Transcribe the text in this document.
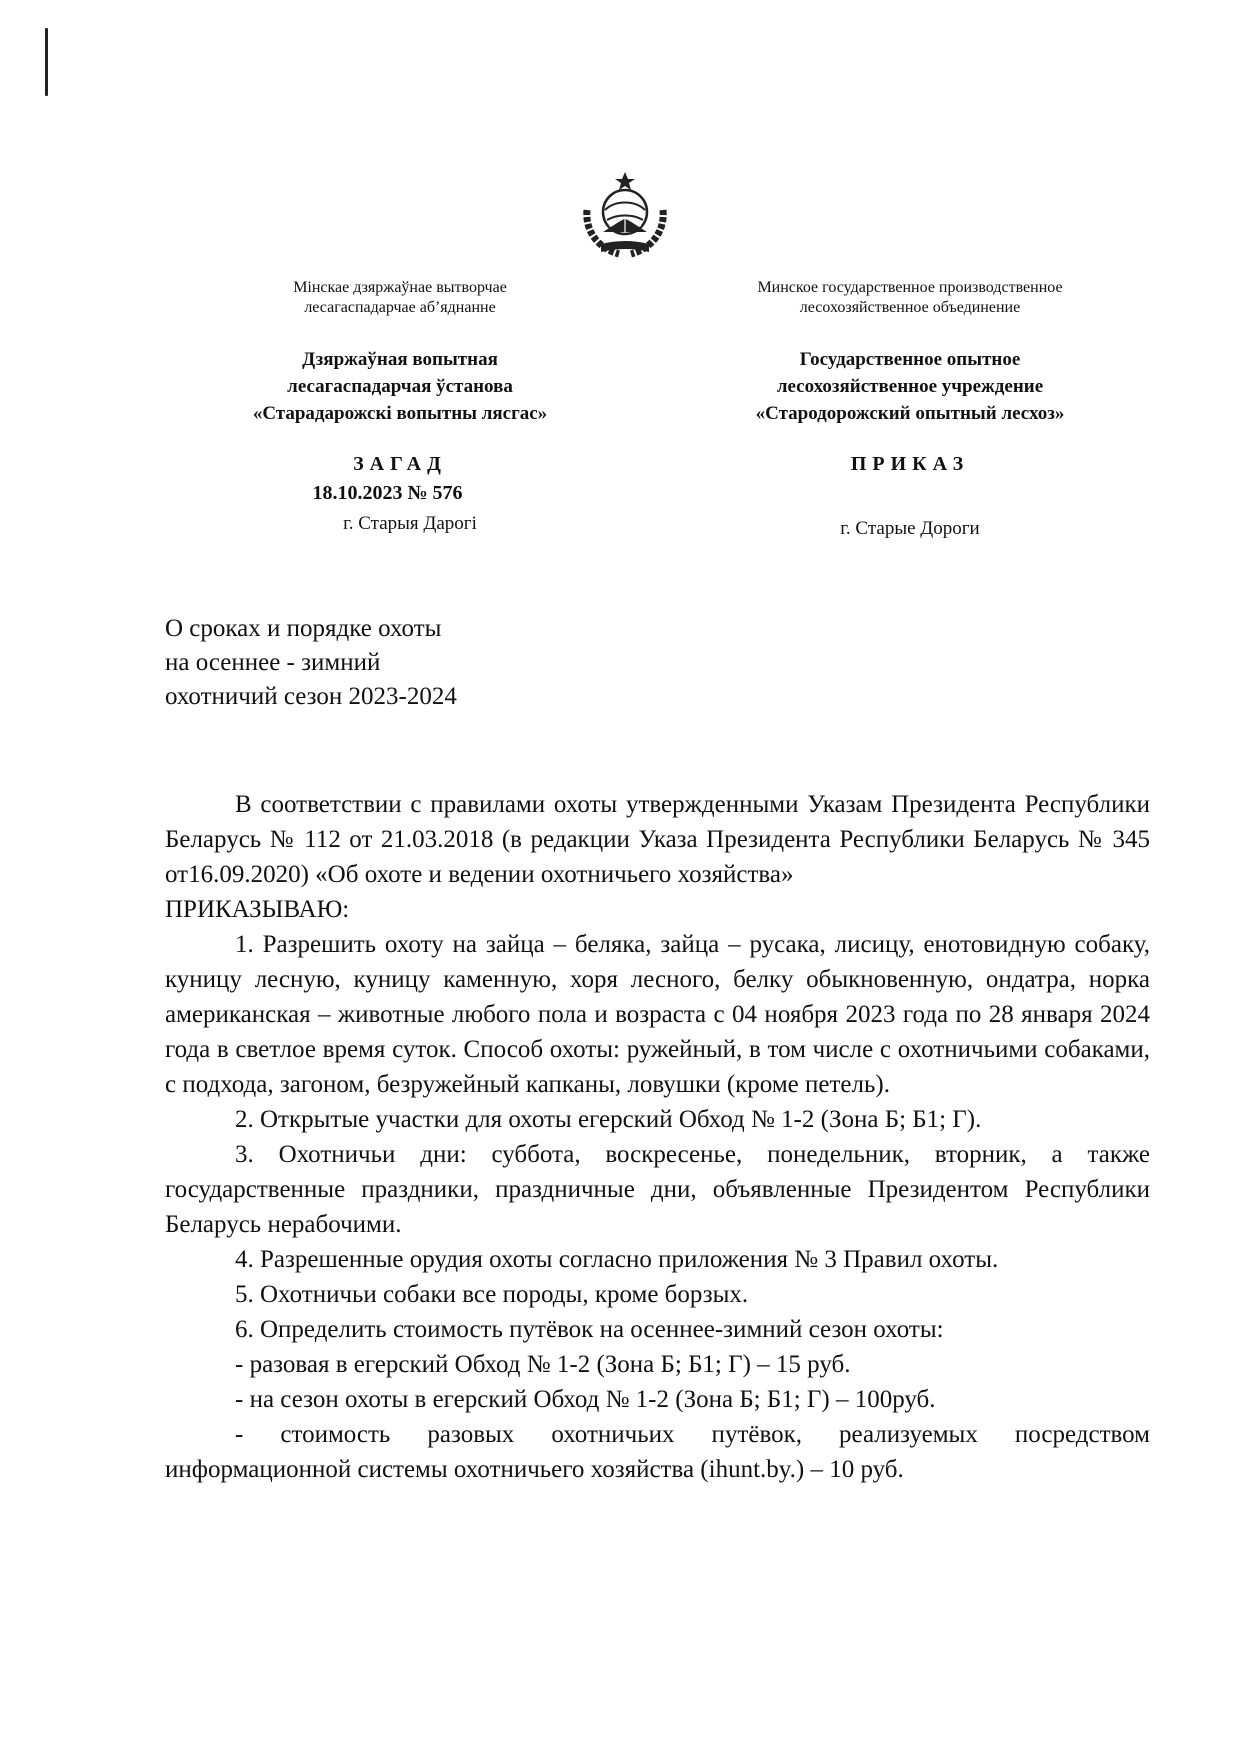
Мінскае дзяржаўнае вытворчае
лесагаспадарчае аб’яднанне
Дзяржаўная вопытная
лесагаспадарчая ўстанова
«Старадарожскі вопытны лясгас»
ЗАГАД
18.10.2023 № 576
г. Старыя Дарогі
Минское государственное производственное
лесохозяйственное объединение
Государственное опытное
лесохозяйственное учреждение
«Стародорожский опытный лесхоз»
ПРИКАЗ
г. Старые Дороги
О сроках и порядке охоты
на осеннее - зимний
охотничий сезон 2023-2024

В соответствии с правилами охоты утвержденными Указам Президента Республики Беларусь № 112 от 21.03.2018 (в редакции Указа Президента Республики Беларусь № 345 от16.09.2020) «Об охоте и ведении охотничьего хозяйства»

ПРИКАЗЫВАЮ:

1. Разрешить охоту на зайца – беляка, зайца – русака, лисицу, енотовидную собаку, куницу лесную, куницу каменную, хоря лесного, белку обыкновенную, ондатра, норка американская – животные любого пола и возраста с 04 ноября 2023 года по 28 января 2024 года в светлое время суток. Способ охоты: ружейный, в том числе с охотничьими собаками, с подхода, загоном, безружейный капканы, ловушки (кроме петель).

2. Открытые участки для охоты егерский Обход № 1-2 (Зона Б; Б1; Г).

3. Охотничьи дни: суббота, воскресенье, понедельник, вторник, а также государственные праздники, праздничные дни, объявленные Президентом Республики Беларусь нерабочими.

4. Разрешенные орудия охоты согласно приложения № 3 Правил охоты.

5. Охотничьи собаки все породы, кроме борзых.

6. Определить стоимость путёвок на осеннее-зимний сезон охоты:

- разовая в егерский Обход № 1-2 (Зона Б; Б1; Г) – 15 руб.

- на сезон охоты в егерский Обход № 1-2 (Зона Б; Б1; Г) – 100руб.

- стоимость разовых охотничьих путёвок, реализуемых посредством информационной системы охотничьего хозяйства (ihunt.by.) – 10 руб.
